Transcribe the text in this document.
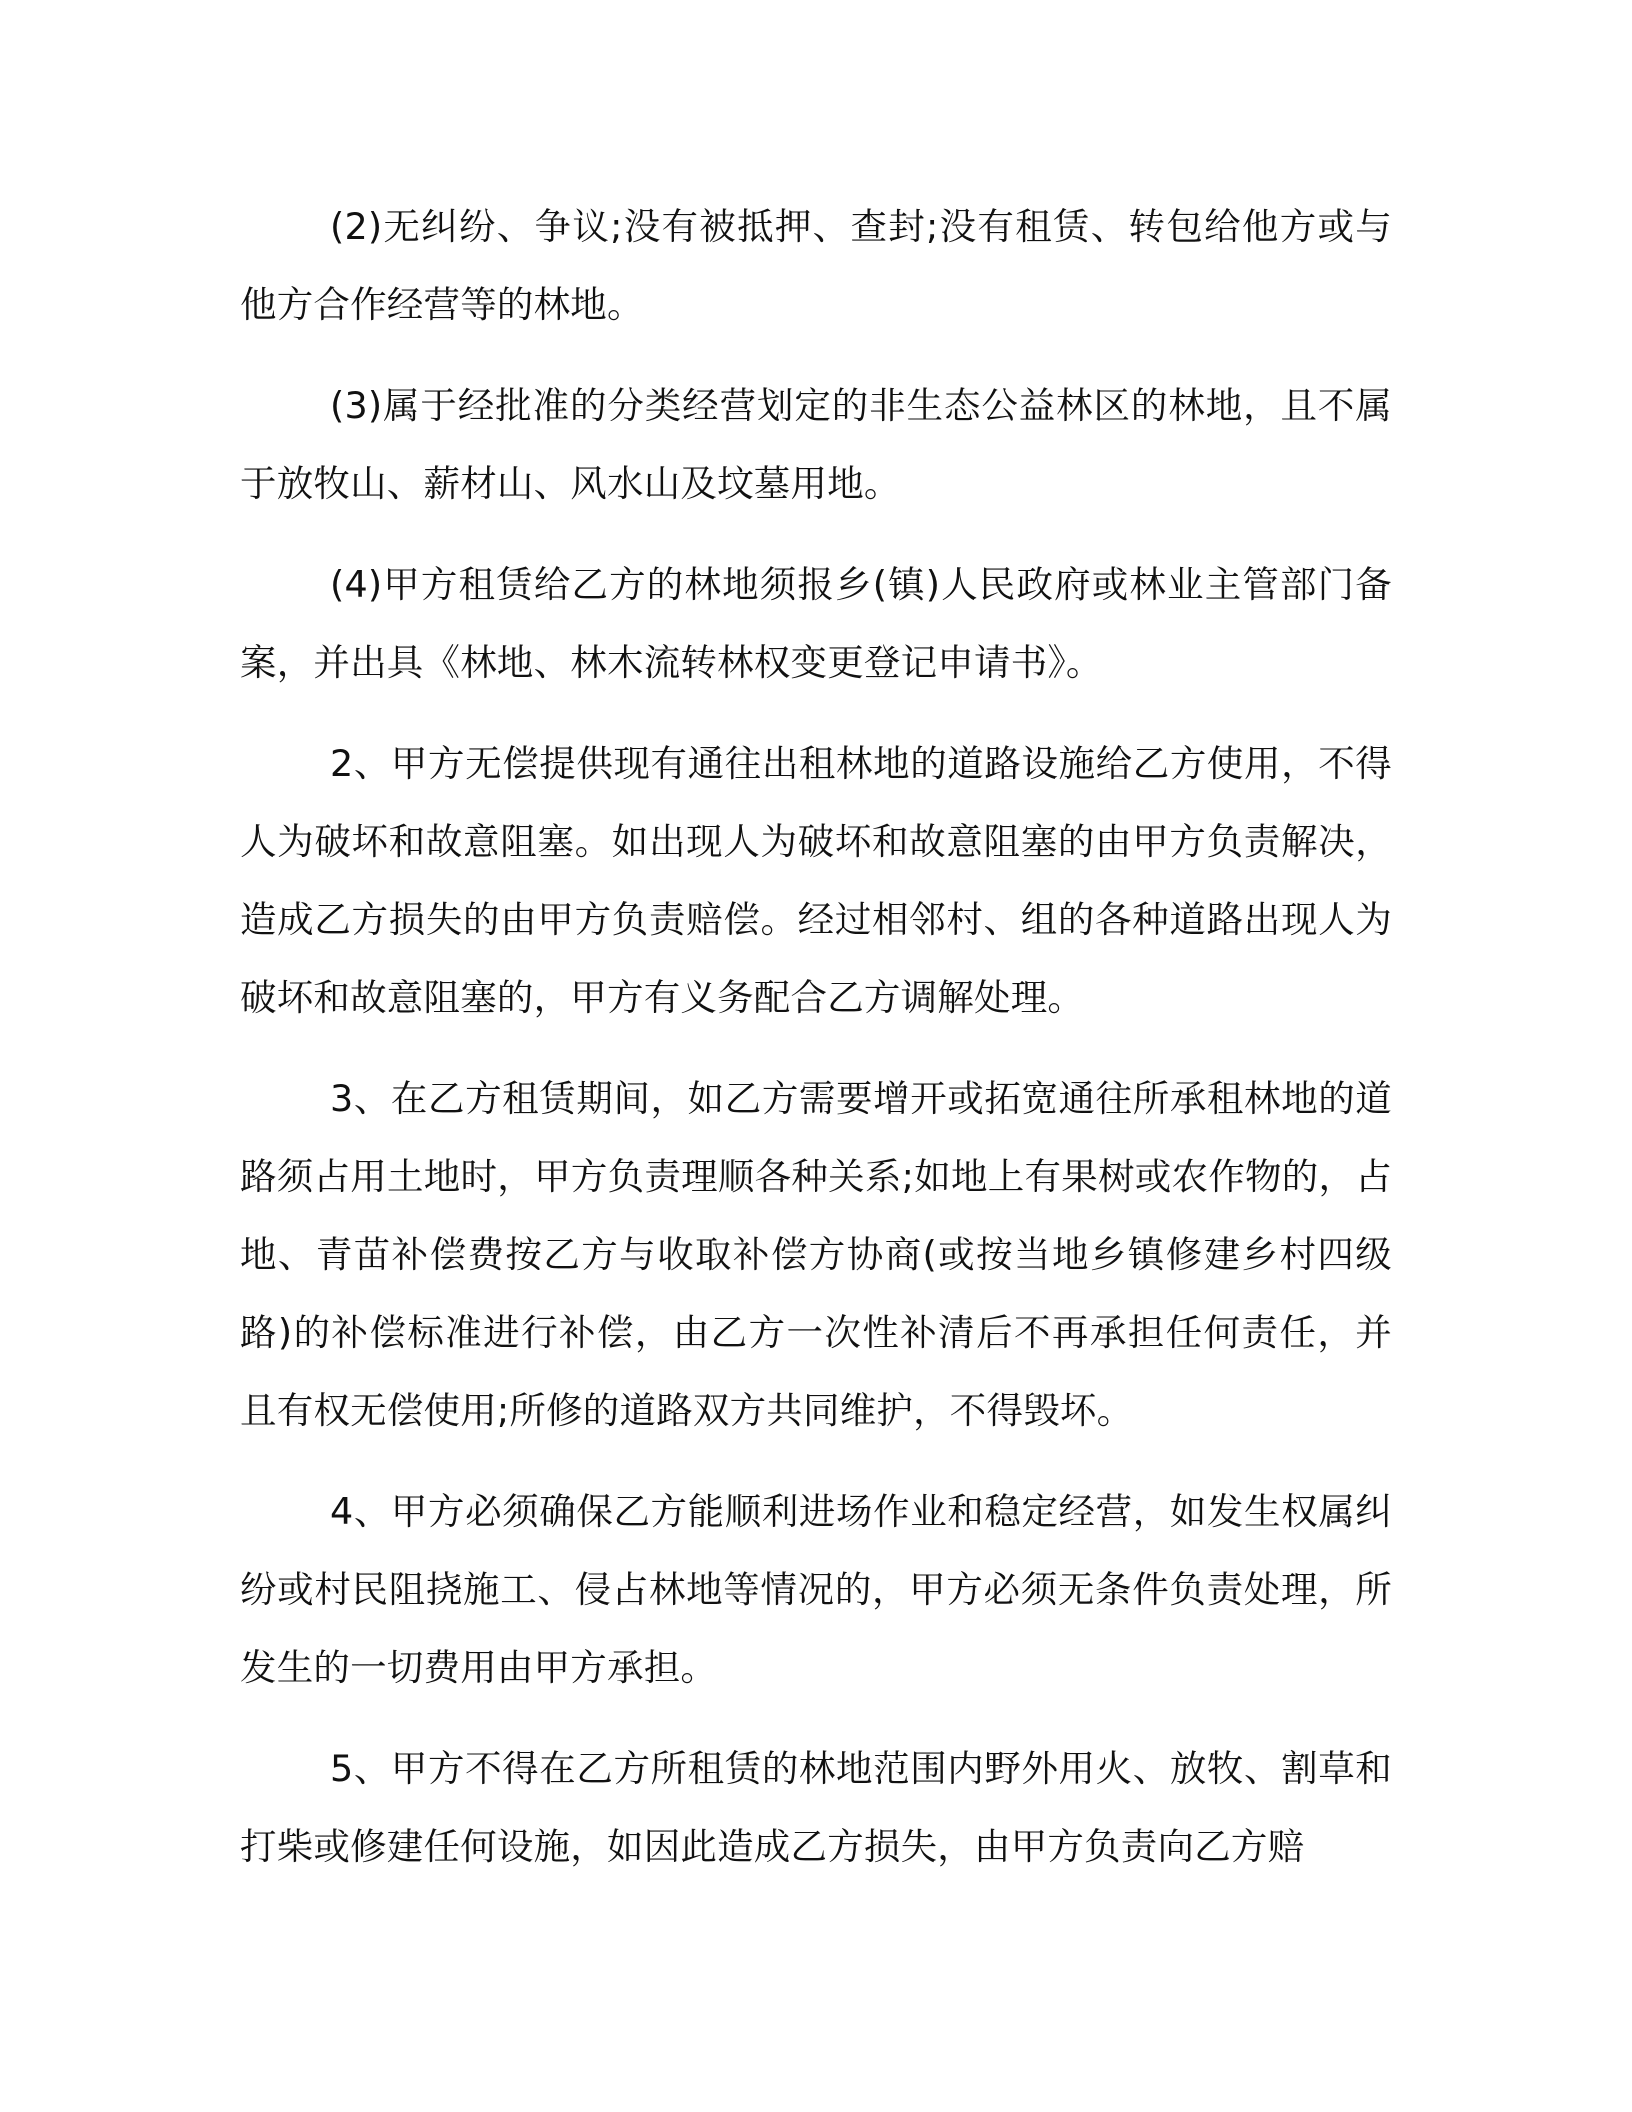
(2)无纠纷、争议;没有被抵押、查封;没有租赁、转包给他方或与他方合作经营等的林地。

(3)属于经批准的分类经营划定的非生态公益林区的林地，且不属于放牧山、薪材山、风水山及坟墓用地。

(4)甲方租赁给乙方的林地须报乡(镇)人民政府或林业主管部门备案，并出具《林地、林木流转林权变更登记申请书》。

2、甲方无偿提供现有通往出租林地的道路设施给乙方使用，不得人为破坏和故意阻塞。如出现人为破坏和故意阻塞的由甲方负责解决，造成乙方损失的由甲方负责赔偿。经过相邻村、组的各种道路出现人为破坏和故意阻塞的，甲方有义务配合乙方调解处理。

3、在乙方租赁期间，如乙方需要增开或拓宽通往所承租林地的道路须占用土地时，甲方负责理顺各种关系;如地上有果树或农作物的，占地、青苗补偿费按乙方与收取补偿方协商(或按当地乡镇修建乡村四级路)的补偿标准进行补偿，由乙方一次性补清后不再承担任何责任，并且有权无偿使用;所修的道路双方共同维护，不得毁坏。

4、甲方必须确保乙方能顺利进场作业和稳定经营，如发生权属纠纷或村民阻挠施工、侵占林地等情况的，甲方必须无条件负责处理，所发生的一切费用由甲方承担。

5、甲方不得在乙方所租赁的林地范围内野外用火、放牧、割草和打柴或修建任何设施，如因此造成乙方损失，由甲方负责向乙方赔
